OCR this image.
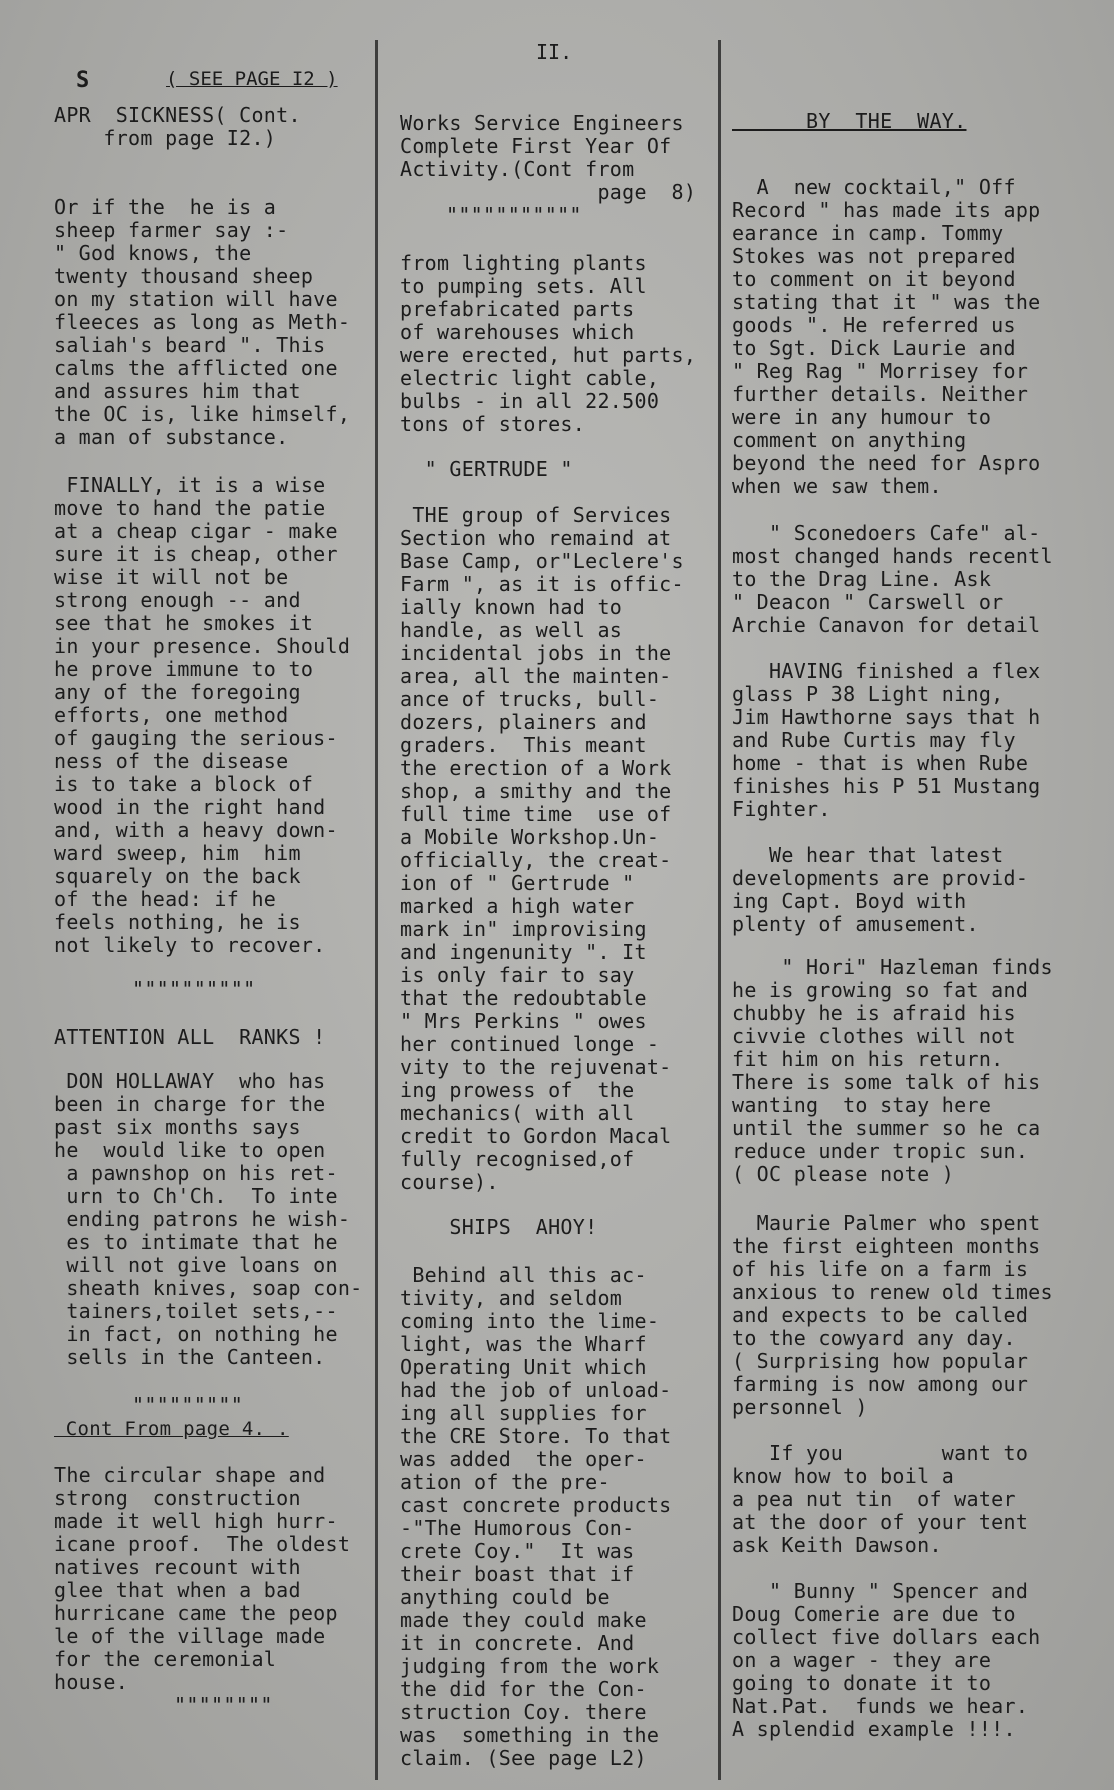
S
II.
( SEE PAGE I2 )
APR  SICKNESS( Cont.
from page I2.)
Or if the  he is a
sheep farmer say :-
" God knows, the
twenty thousand sheep
on my station will have
fleeces as long as Meth-
saliah's beard ". This
calms the afflicted one
and assures him that
the OC is, like himself,
a man of substance.
FINALLY, it is a wise
move to hand the patie
at a cheap cigar - make
sure it is cheap, other
wise it will not be
strong enough -- and
see that he smokes it
in your presence. Should
he prove immune to to
any of the foregoing
efforts, one method
of gauging the serious-
ness of the disease
is to take a block of
wood in the right hand
and, with a heavy down-
ward sweep, him  him
squarely on the back
of the head: if he
feels nothing, he is
not likely to recover.
""""""""""
ATTENTION ALL  RANKS !
DON HOLLAWAY  who has
been in charge for the
past six months says
he  would like to open
a pawnshop on his ret-
urn to Ch'Ch.  To inte
ending patrons he wish-
es to intimate that he
will not give loans on
sheath knives, soap con-
tainers,toilet sets,--
in fact, on nothing he
sells in the Canteen.
"""""""""
Cont From page 4. .
The circular shape and
strong  construction
made it well high hurr-
icane proof.  The oldest
natives recount with
glee that when a bad
hurricane came the peop
le of the village made
for the ceremonial
house.
""""""""
Works Service Engineers
Complete First Year Of
Activity.(Cont from
page  8)
"""""""""""
from lighting plants
to pumping sets. All
prefabricated parts
of warehouses which
were erected, hut parts,
electric light cable,
bulbs - in all 22.500
tons of stores.
" GERTRUDE "
THE group of Services
Section who remaind at
Base Camp, or"Leclere's
Farm ", as it is offic-
ially known had to
handle, as well as
incidental jobs in the
area, all the mainten-
ance of trucks, bull-
dozers, plainers and
graders.  This meant
the erection of a Work
shop, a smithy and the
full time time  use of
a Mobile Workshop.Un-
officially, the creat-
ion of " Gertrude "
marked a high water
mark in" improvising
and ingenunity ". It
is only fair to say
that the redoubtable
" Mrs Perkins " owes
her continued longe -
vity to the rejuvenat-
ing prowess of  the
mechanics( with all
credit to Gordon Macal
fully recognised,of
course).
SHIPS  AHOY!
Behind all this ac-
tivity, and seldom
coming into the lime-
light, was the Wharf
Operating Unit which
had the job of unload-
ing all supplies for
the CRE Store. To that
was added  the oper-
ation of the pre-
cast concrete products
-"The Humorous Con-
crete Coy."  It was
their boast that if
anything could be
made they could make
it in concrete. And
judging from the work
the did for the Con-
struction Coy. there
was  something in the
claim. (See page L2)
BY  THE  WAY.
A  new cocktail," Off
Record " has made its app
earance in camp. Tommy
Stokes was not prepared
to comment on it beyond
stating that it " was the
goods ". He referred us
to Sgt. Dick Laurie and
" Reg Rag " Morrisey for
further details. Neither
were in any humour to
comment on anything
beyond the need for Aspro
when we saw them.
" Sconedoers Cafe" al-
most changed hands recentl
to the Drag Line. Ask
" Deacon " Carswell or
Archie Canavon for detail
HAVING finished a flex
glass P 38 Light ning,
Jim Hawthorne says that h
and Rube Curtis may fly
home - that is when Rube
finishes his P 51 Mustang
Fighter.
We hear that latest
developments are provid-
ing Capt. Boyd with
plenty of amusement.
" Hori" Hazleman finds
he is growing so fat and
chubby he is afraid his
civvie clothes will not
fit him on his return.
There is some talk of his
wanting  to stay here
until the summer so he ca
reduce under tropic sun.
( OC please note )
Maurie Palmer who spent
the first eighteen months
of his life on a farm is
anxious to renew old times
and expects to be called
to the cowyard any day.
( Surprising how popular
farming is now among our
personnel )
If you        want to
know how to boil a
a pea nut tin  of water
at the door of your tent
ask Keith Dawson.
" Bunny " Spencer and
Doug Comerie are due to
collect five dollars each
on a wager - they are
going to donate it to
Nat.Pat.  funds we hear.
A splendid example !!!.
